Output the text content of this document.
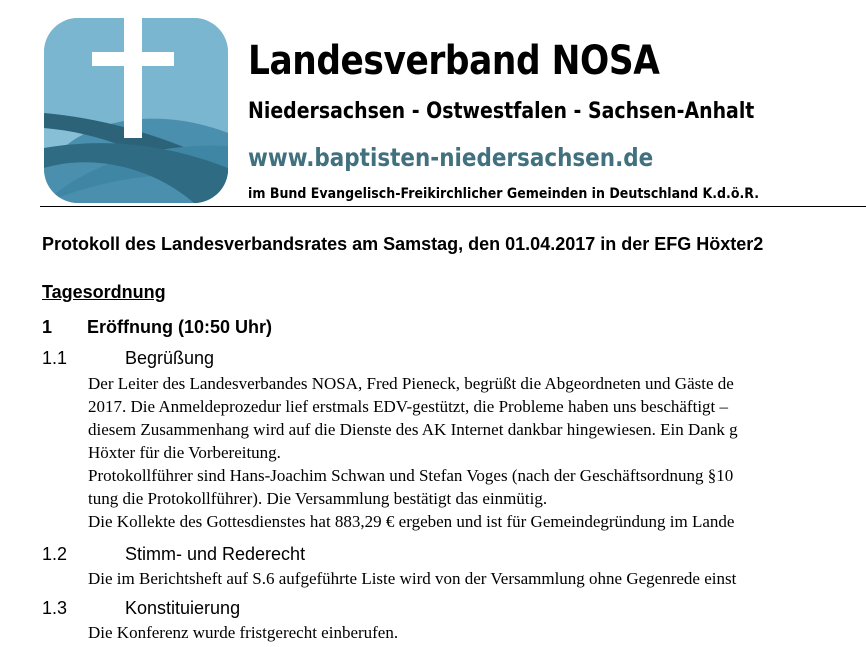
Landesverband NOSA
Niedersachsen - Ostwestfalen - Sachsen-Anhalt
www.baptisten-niedersachsen.de
im Bund Evangelisch-Freikirchlicher Gemeinden in Deutschland K.d.ö.R.
Protokoll des Landesverbandsrates am Samstag, den 01.04.2017 in der EFG Höxter2
Tagesordnung
1 Eröffnung (10:50 Uhr)
1.1	Begrüßung
Der Leiter des Landesverbandes NOSA, Fred Pieneck, begrüßt die Abgeordneten und Gäste de
2017. Die Anmeldeprozedur lief erstmals EDV-gestützt, die Probleme haben uns beschäftigt –
diesem Zusammenhang wird auf die Dienste des AK Internet dankbar hingewiesen. Ein Dank g
Höxter für die Vorbereitung.
Protokollführer sind Hans-Joachim Schwan und Stefan Voges (nach der Geschäftsordnung §10
tung die Protokollführer). Die Versammlung bestätigt das einmütig.
Die Kollekte des Gottesdienstes hat 883,29 € ergeben und ist für Gemeindegründung im Lande
1.2	Stimm- und Rederecht
Die im Berichtsheft auf S.6 aufgeführte Liste wird von der Versammlung ohne Gegenrede einst
1.3	Konstituierung
Die Konferenz wurde fristgerecht einberufen.
